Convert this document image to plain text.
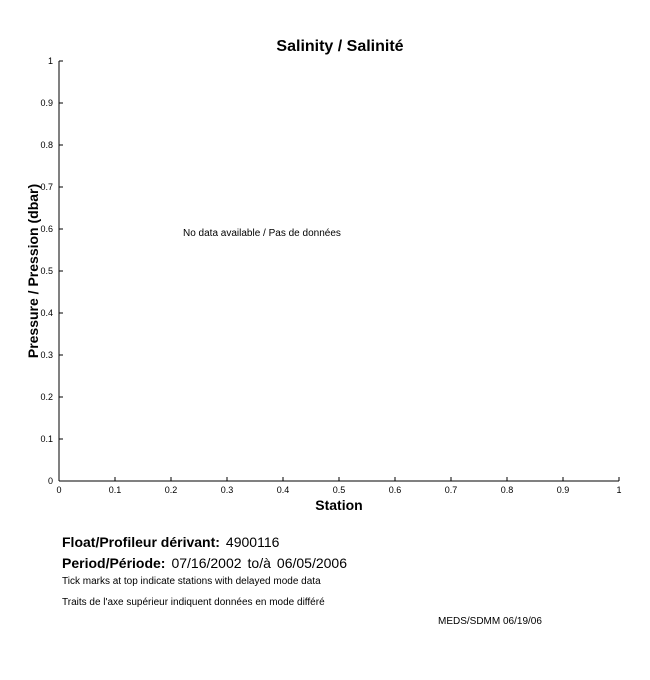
Salinity / Salinité
0	0.1	0.2	0.3	0.4	0.5	0.6	0.7	0.8	0.9	1
0
0.1
0.2
0.3
0.4
0.5
0.6
0.7
0.8
0.9
1
No data available / Pas de données
Station
Pressure / Pression (dbar)
Float/Profileur dérivant: 4900116
Period/Période: 07/16/2002 to/à 06/05/2006
Tick marks at top indicate stations with delayed mode data
Traits de l'axe supérieur indiquent données en mode différé
MEDS/SDMM 06/19/06
